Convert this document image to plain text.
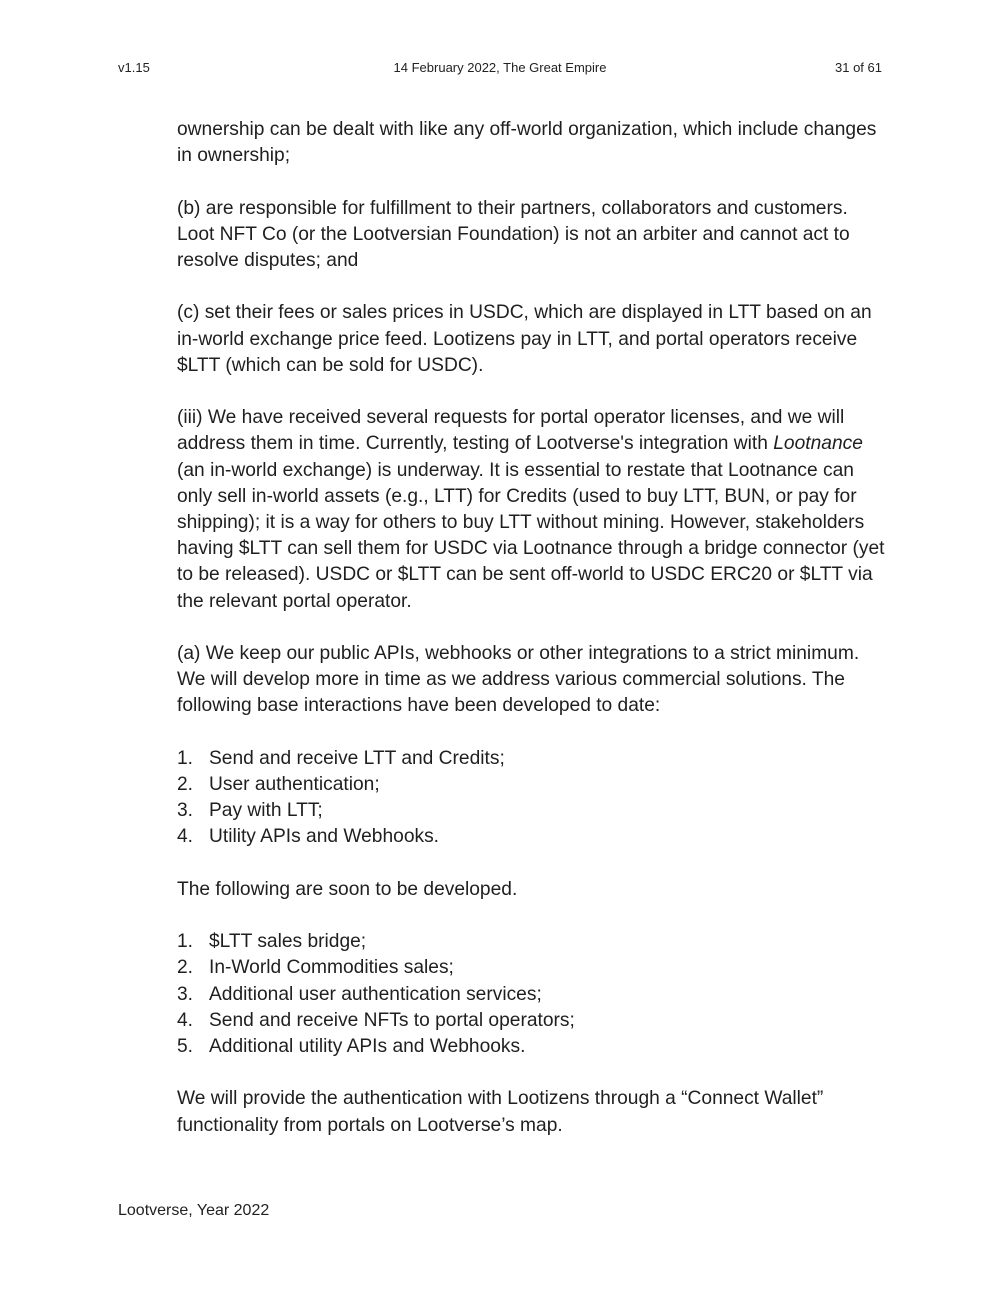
v1.15	14 February 2022, The Great Empire	31 of 61

ownership can be dealt with like any off-world organization, which include changes in ownership;

(b) are responsible for fulfillment to their partners, collaborators and customers. Loot NFT Co (or the Lootversian Foundation) is not an arbiter and cannot act to resolve disputes; and

(c) set their fees or sales prices in USDC, which are displayed in LTT based on an in-world exchange price feed. Lootizens pay in LTT, and portal operators receive $LTT (which can be sold for USDC).

(iii) We have received several requests for portal operator licenses, and we will address them in time. Currently, testing of Lootverse's integration with Lootnance (an in-world exchange) is underway. It is essential to restate that Lootnance can only sell in-world assets (e.g., LTT) for Credits (used to buy LTT, BUN, or pay for shipping); it is a way for others to buy LTT without mining. However, stakeholders having $LTT can sell them for USDC via Lootnance through a bridge connector (yet to be released). USDC or $LTT can be sent off-world to USDC ERC20 or $LTT via the relevant portal operator.

(a) We keep our public APIs, webhooks or other integrations to a strict minimum. We will develop more in time as we address various commercial solutions. The following base interactions have been developed to date:

1. Send and receive LTT and Credits;
2. User authentication;
3. Pay with LTT;
4. Utility APIs and Webhooks.

The following are soon to be developed.

1. $LTT sales bridge;
2. In-World Commodities sales;
3. Additional user authentication services;
4. Send and receive NFTs to portal operators;
5. Additional utility APIs and Webhooks.

We will provide the authentication with Lootizens through a “Connect Wallet” functionality from portals on Lootverse’s map.

Lootverse, Year 2022
